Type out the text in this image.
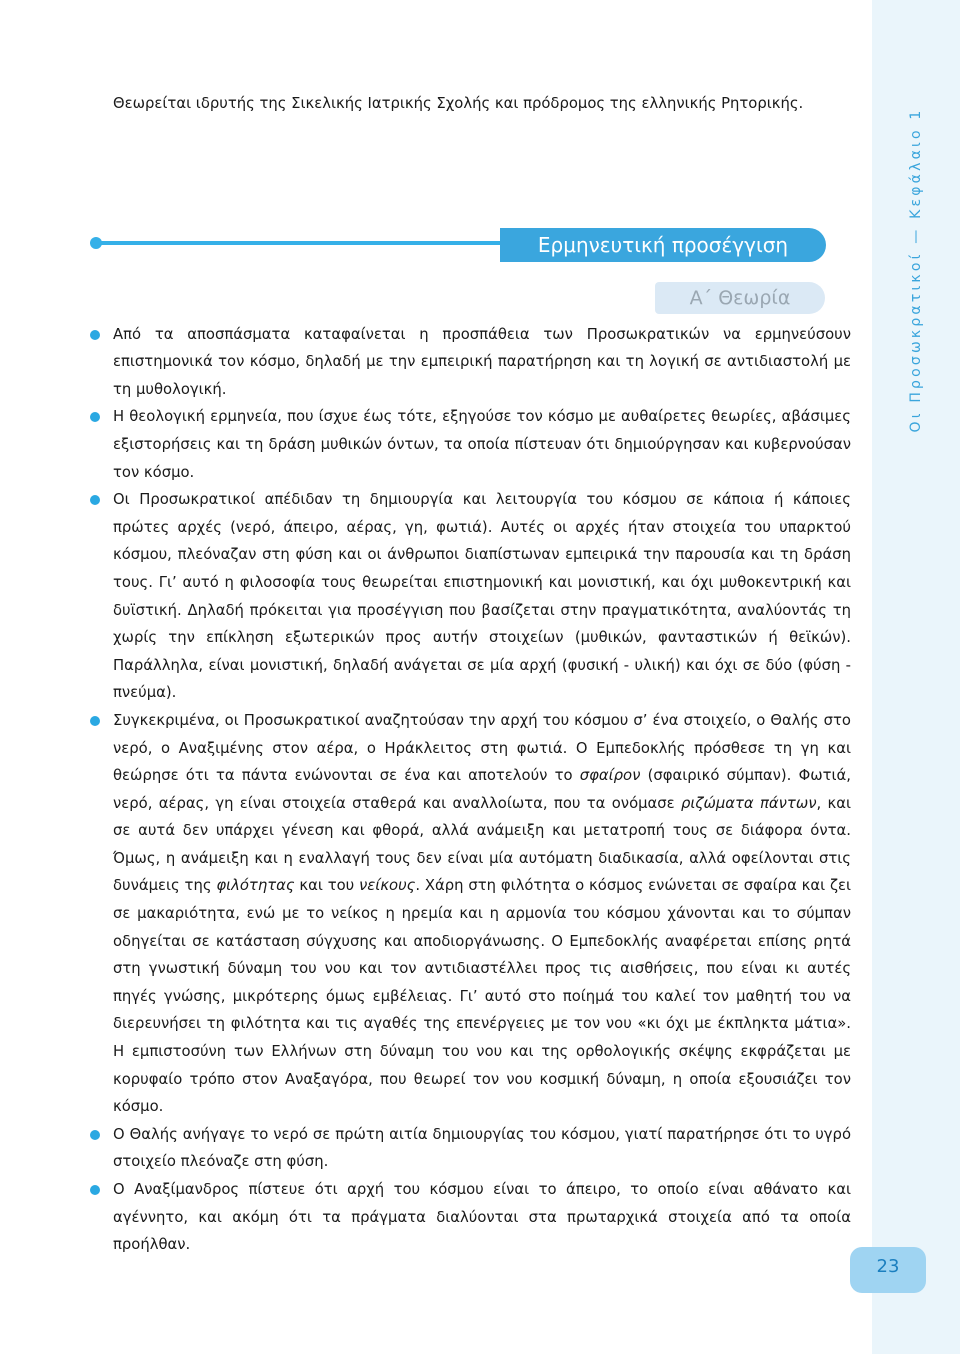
Οι Προσωκρατικοί — Κεφάλαιο 1
23

Θεωρείται ιδρυτής της Σικελικής Ιατρικής Σχολής και πρόδρομος της ελληνικής Ρητορικής.

Ερμηνευτική προσέγγιση
Α΄ Θεωρία
Από τα αποσπάσματα καταφαίνεται η προσπάθεια των Προσωκρατικών να ερμηνεύσουν επιστημονικά τον κόσμο, δηλαδή με την εμπειρική παρατήρηση και τη λογική σε αντιδιαστολή με τη μυθολογική.
Η θεολογική ερμηνεία, που ίσχυε έως τότε, εξηγούσε τον κόσμο με αυθαίρετες θεωρίες, αβάσιμες εξιστορήσεις και τη δράση μυθικών όντων, τα οποία πίστευαν ότι δημιούργησαν και κυβερνούσαν τον κόσμο.
Οι Προσωκρατικοί απέδιδαν τη δημιουργία και λειτουργία του κόσμου σε κάποια ή κάποιες πρώτες αρχές (νερό, άπειρο, αέρας, γη, φωτιά). Αυτές οι αρχές ήταν στοιχεία του υπαρκτού κόσμου, πλεόναζαν στη φύση και οι άνθρωποι διαπίστωναν εμπειρικά την παρουσία και τη δράση τους. Γι’ αυτό η φιλοσοφία τους θεωρείται επιστημονική και μονιστική, και όχι μυθοκεντρική και δυϊστική. Δηλαδή πρόκειται για προσέγγιση που βασίζεται στην πραγματικότητα, αναλύοντάς τη χωρίς την επίκληση εξωτερικών προς αυτήν στοιχείων (μυθικών, φανταστικών ή θεϊκών). Παράλληλα, είναι μονιστική, δηλαδή ανάγεται σε μία αρχή (φυσική - υλική) και όχι σε δύο (φύση - πνεύμα).
Συγκεκριμένα, οι Προσωκρατικοί αναζητούσαν την αρχή του κόσμου σ’ ένα στοιχείο, ο Θαλής στο νερό, ο Αναξιμένης στον αέρα, ο Ηράκλειτος στη φωτιά. Ο Εμπεδοκλής πρόσθεσε τη γη και θεώρησε ότι τα πάντα ενώνονται σε ένα και αποτελούν το σφαίρον (σφαιρικό σύμπαν). Φωτιά, νερό, αέρας, γη είναι στοιχεία σταθερά και αναλλοίωτα, που τα ονόμασε ριζώματα πάντων, και σε αυτά δεν υπάρχει γένεση και φθορά, αλλά ανάμειξη και μετατροπή τους σε διάφορα όντα. Όμως, η ανάμειξη και η εναλλαγή τους δεν είναι μία αυτόματη διαδικασία, αλλά οφείλονται στις δυνάμεις της φιλότητας και του νείκους. Χάρη στη φιλότητα ο κόσμος ενώνεται σε σφαίρα και ζει σε μακαριότητα, ενώ με το νείκος η ηρεμία και η αρμονία του κόσμου χάνονται και το σύμπαν οδηγείται σε κατάσταση σύγχυσης και αποδιοργάνωσης. Ο Εμπεδοκλής αναφέρεται επίσης ρητά στη γνωστική δύναμη του νου και τον αντιδιαστέλλει προς τις αισθήσεις, που είναι κι αυτές πηγές γνώσης, μικρότερης όμως εμβέλειας. Γι’ αυτό στο ποίημά του καλεί τον μαθητή του να διερευνήσει τη φιλότητα και τις αγαθές της επενέργειες με τον νου «κι όχι με έκπληκτα μάτια». Η εμπιστοσύνη των Ελλήνων στη δύναμη του νου και της ορθολογικής σκέψης εκφράζεται με κορυφαίο τρόπο στον Αναξαγόρα, που θεωρεί τον νου κοσμική δύναμη, η οποία εξουσιάζει τον κόσμο.
Ο Θαλής ανήγαγε το νερό σε πρώτη αιτία δημιουργίας του κόσμου, γιατί παρατήρησε ότι το υγρό στοιχείο πλεόναζε στη φύση.
Ο Αναξίμανδρος πίστευε ότι αρχή του κόσμου είναι το άπειρο, το οποίο είναι αθάνατο και αγέννητο, και ακόμη ότι τα πράγματα διαλύονται στα πρωταρχικά στοιχεία από τα οποία προήλθαν.
